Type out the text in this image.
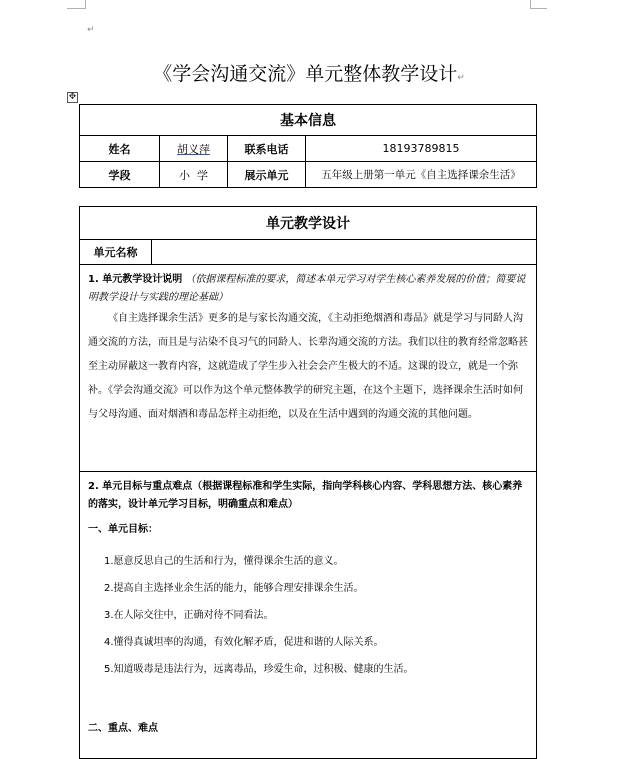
↵
《学会沟通交流》单元整体教学设计↵
✥
基本信息			
姓名	胡义萍	联系电话	18193789815
学段	小  学	展示单元	五年级上册第一单元《自主选择课余生活》
单元教学设计
单元名称	

1. 单元教学设计说明 （依据课程标准的要求，简述本单元学习对学生核心素养发展的价值；简要说明教学设计与实践的理论基础）

《自主选择课余生活》更多的是与家长沟通交流，《主动拒绝烟酒和毒品》就是学习与同龄人沟通交流的方法，而且是与沾染不良习气的同龄人、长辈沟通交流的方法。我们以往的教育经常忽略甚至主动屏蔽这一教育内容，这就造成了学生步入社会会产生极大的不适。这课的设立，就是一个弥补。《学会沟通交流》可以作为这个单元整体教学的研究主题，在这个主题下，选择课余生活时如何与父母沟通、面对烟酒和毒品怎样主动拒绝，以及在生活中遇到的沟通交流的其他问题。

2. 单元目标与重点难点（根据课程标准和学生实际，指向学科核心内容、学科思想方法、核心素养的落实，设计单元学习目标，明确重点和难点）

一、单元目标：

1.愿意反思自己的生活和行为，懂得课余生活的意义。

2.提高自主选择业余生活的能力，能够合理安排课余生活。

3.在人际交往中，正确对待不同看法。

4.懂得真诚坦率的沟通，有效化解矛盾，促进和谐的人际关系。

5.知道吸毒是违法行为，远离毒品，珍爱生命，过积极、健康的生活。

二、重点、难点
